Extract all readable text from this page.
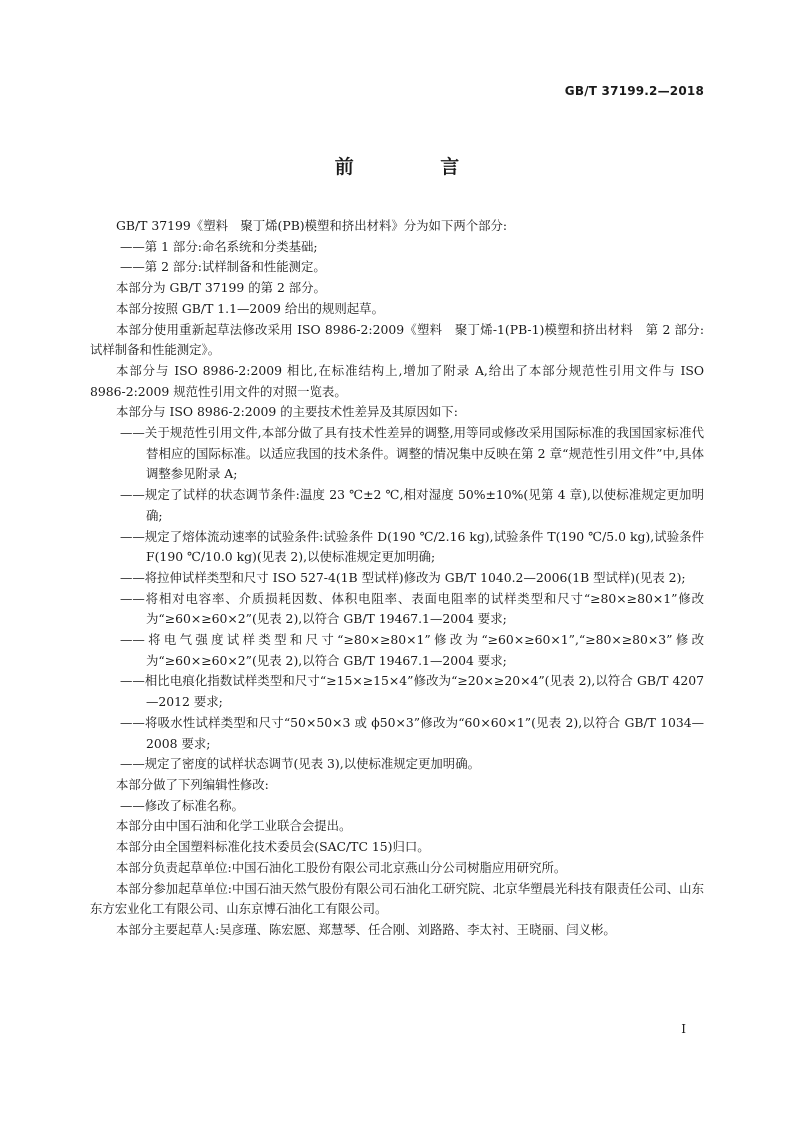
GB/T 37199.2—2018
前 言

GB/T 37199《塑料　聚丁烯(PB)模塑和挤出材料》分为如下两个部分:

——第 1 部分:命名系统和分类基础;

——第 2 部分:试样制备和性能测定。

本部分为 GB/T 37199 的第 2 部分。

本部分按照 GB/T 1.1—2009 给出的规则起草。

本部分使用重新起草法修改采用 ISO 8986-2:2009《塑料　聚丁烯-1(PB-1)模塑和挤出材料　第 2 部分:试样制备和性能测定》。

本部分与 ISO 8986-2:2009 相比,在标准结构上,增加了附录 A,给出了本部分规范性引用文件与 ISO 8986-2:2009 规范性引用文件的对照一览表。

本部分与 ISO 8986-2:2009 的主要技术性差异及其原因如下:

——关于规范性引用文件,本部分做了具有技术性差异的调整,用等同或修改采用国际标准的我国国家标准代替相应的国际标准。以适应我国的技术条件。调整的情况集中反映在第 2 章“规范性引用文件”中,具体调整参见附录 A;

——规定了试样的状态调节条件:温度 23 ℃±2 ℃,相对湿度 50%±10%(见第 4 章),以使标准规定更加明确;

——规定了熔体流动速率的试验条件:试验条件 D(190 ℃/2.16 kg),试验条件 T(190 ℃/5.0 kg),试验条件 F(190 ℃/10.0 kg)(见表 2),以使标准规定更加明确;

——将拉伸试样类型和尺寸 ISO 527-4(1B 型试样)修改为 GB/T 1040.2—2006(1B 型试样)(见表 2);

——将相对电容率、介质损耗因数、体积电阻率、表面电阻率的试样类型和尺寸“≥80×≥80×1”修改为“≥60×≥60×2”(见表 2),以符合 GB/T 19467.1—2004 要求;

——将电气强度试样类型和尺寸“≥80×≥80×1”修改为“≥60×≥60×1”,“≥80×≥80×3”修改为“≥60×≥60×2”(见表 2),以符合 GB/T 19467.1—2004 要求;

——相比电痕化指数试样类型和尺寸“≥15×≥15×4”修改为“≥20×≥20×4”(见表 2),以符合 GB/T 4207—2012 要求;

——将吸水性试样类型和尺寸“50×50×3 或 ϕ50×3”修改为“60×60×1”(见表 2),以符合 GB/T 1034—2008 要求;

——规定了密度的试样状态调节(见表 3),以使标准规定更加明确。

本部分做了下列编辑性修改:

——修改了标准名称。

本部分由中国石油和化学工业联合会提出。

本部分由全国塑料标准化技术委员会(SAC/TC 15)归口。

本部分负责起草单位:中国石油化工股份有限公司北京燕山分公司树脂应用研究所。

本部分参加起草单位:中国石油天然气股份有限公司石油化工研究院、北京华塑晨光科技有限责任公司、山东东方宏业化工有限公司、山东京博石油化工有限公司。

本部分主要起草人:吴彦瑾、陈宏愿、郑慧琴、任合刚、刘路路、李太衬、王晓丽、闫义彬。

I
